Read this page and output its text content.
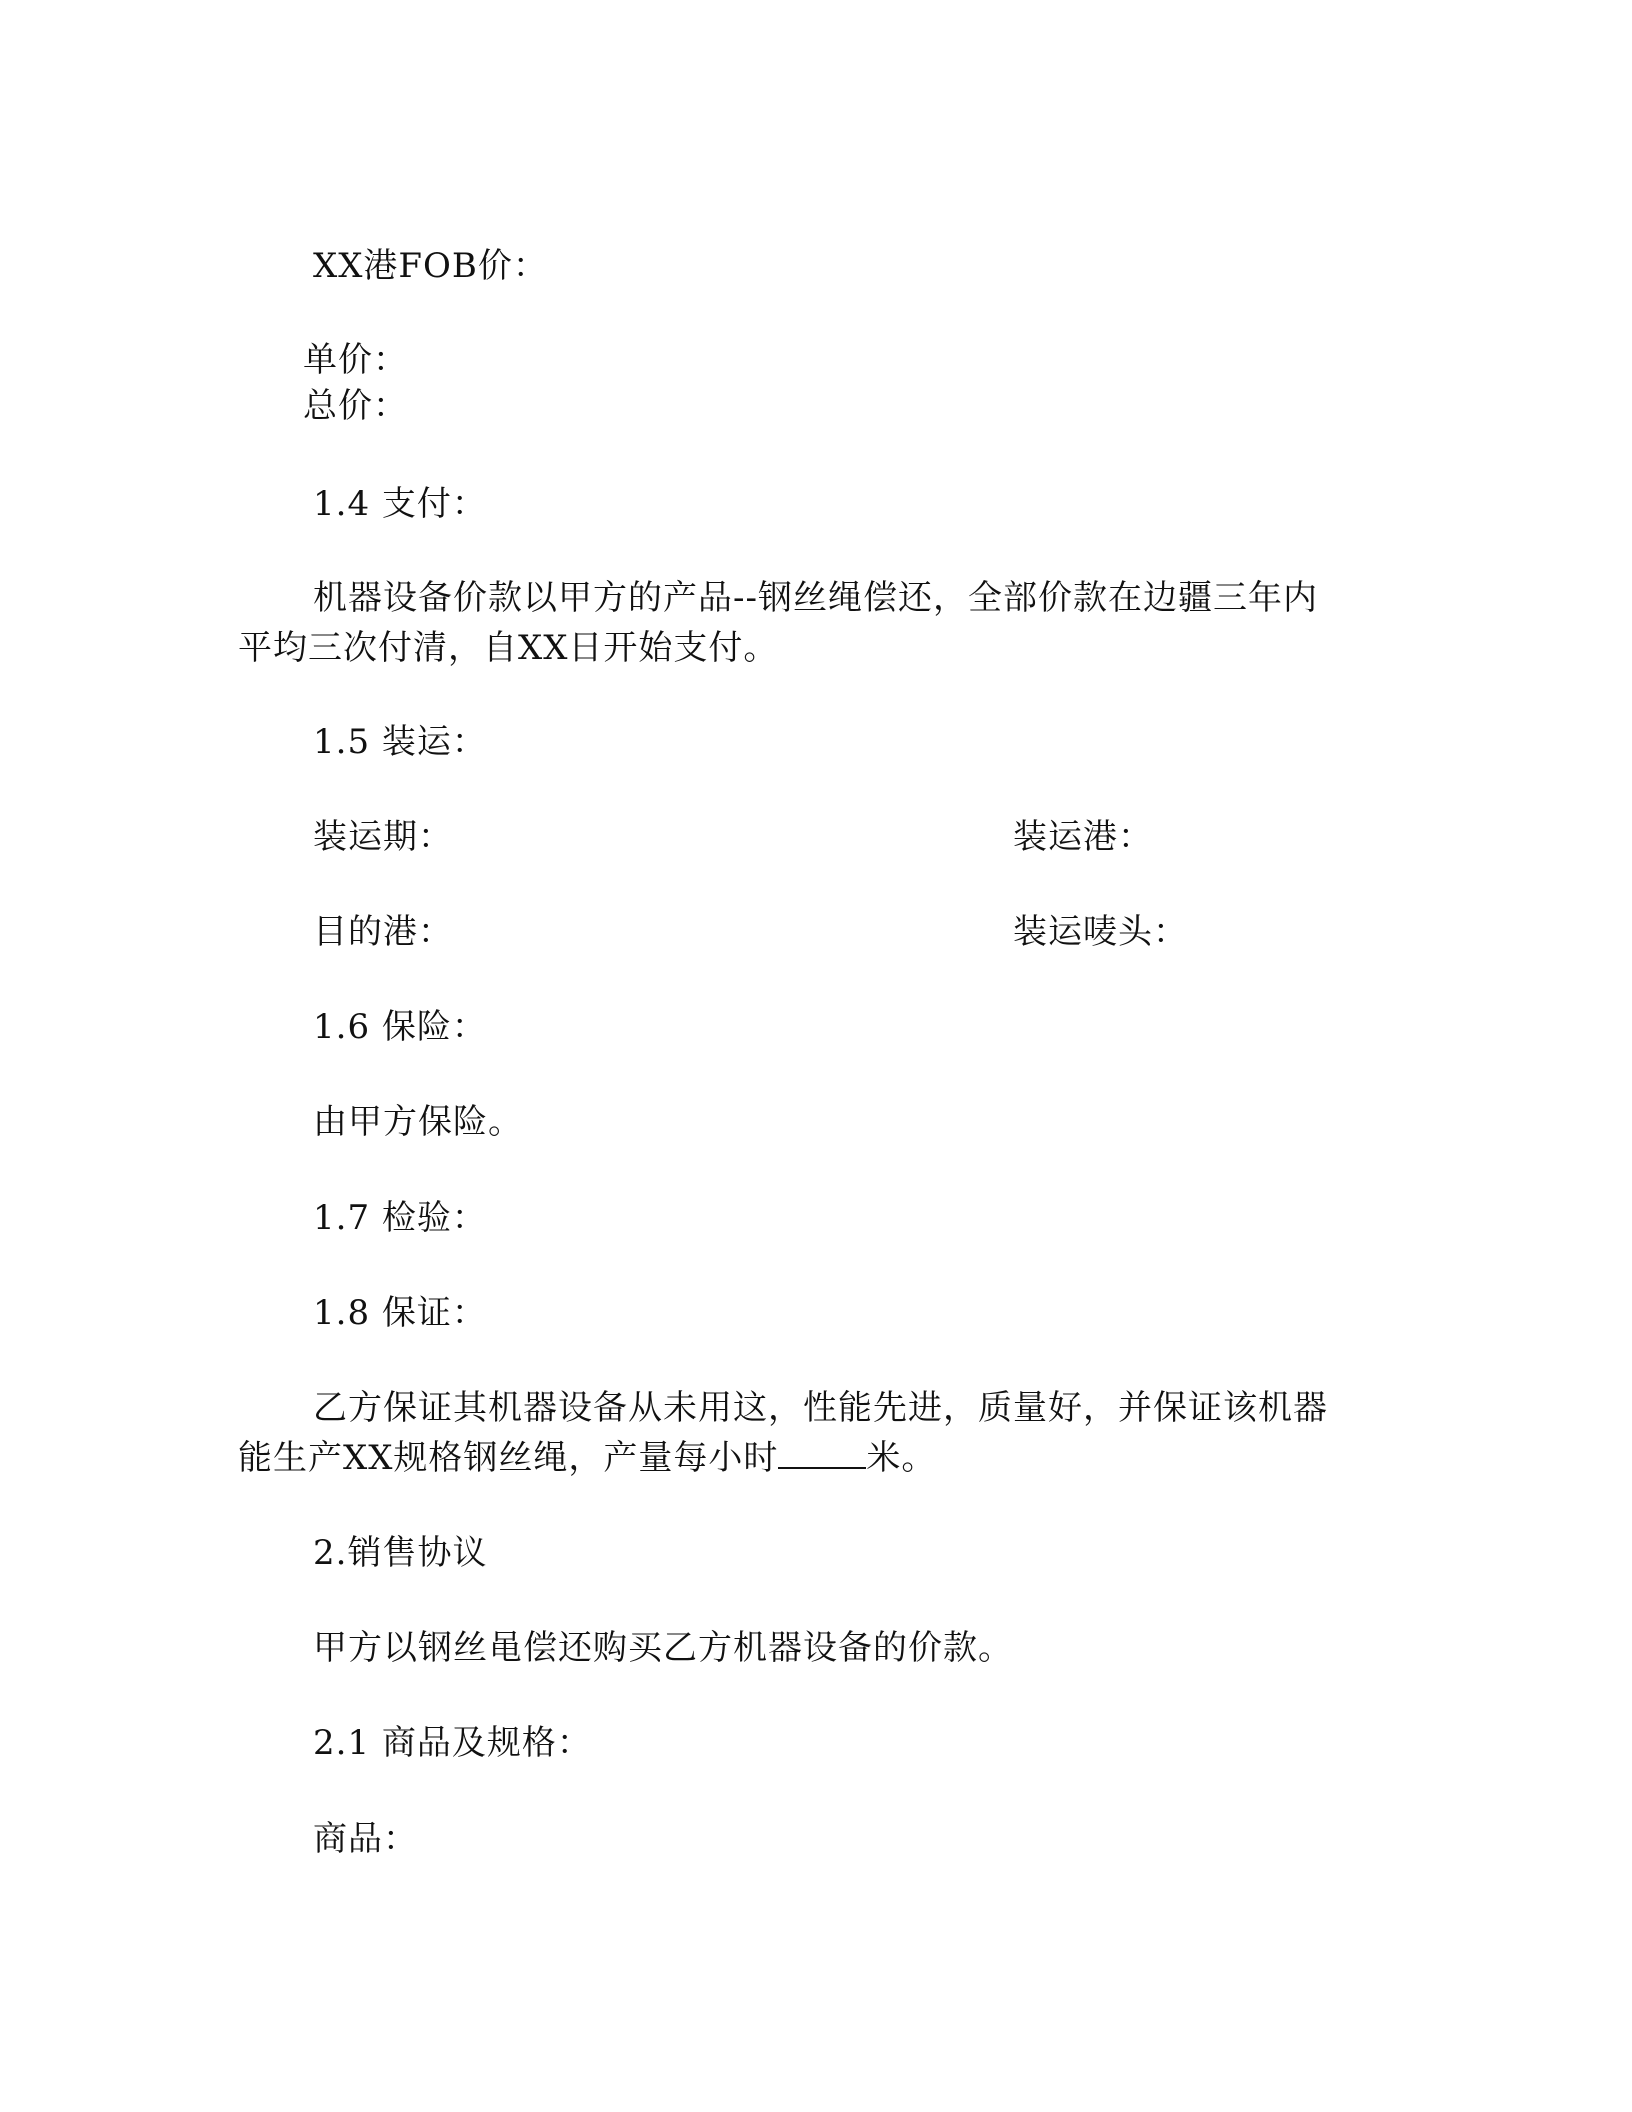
XX港FOB价：
单价：
总价：
1.4 支付：
机器设备价款以甲方的产品--钢丝绳偿还，全部价款在边疆三年内
平均三次付清，自XX日开始支付。
1.5 装运：
装运期：	装运港：
目的港：	装运唛头：
1.6 保险：
由甲方保险。
1.7 检验：
1.8 保证：
乙方保证其机器设备从未用这，性能先进，质量好，并保证该机器
能生产XX规格钢丝绳，产量每小时	米。
2.销售协议
甲方以钢丝黾偿还购买乙方机器设备的价款。
2.1 商品及规格：
商品：
